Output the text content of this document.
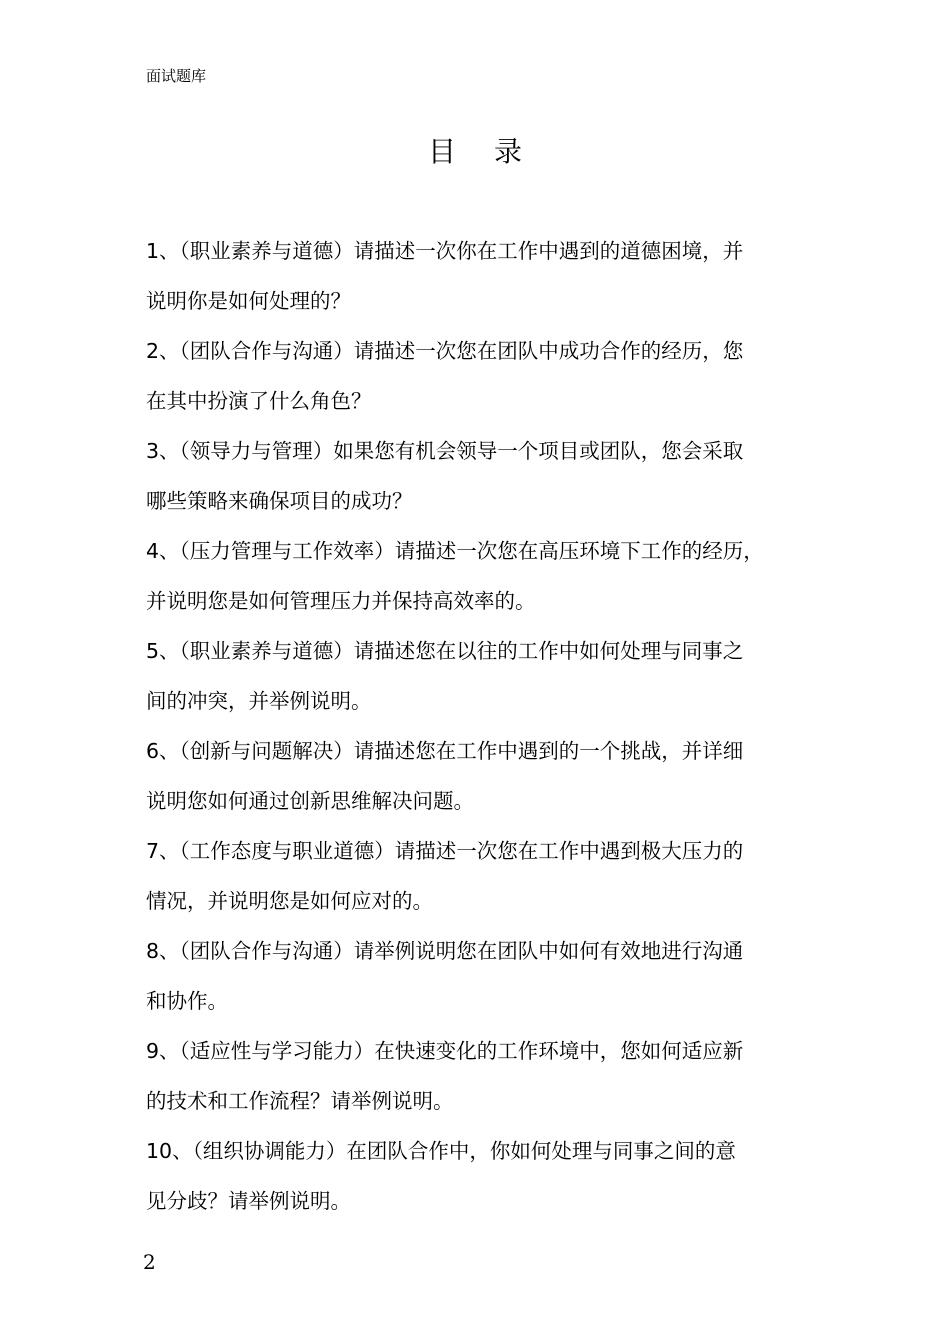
面试题库
目录
1、（职业素养与道德）请描述一次你在工作中遇到的道德困境，并
说明你是如何处理的？
2、（团队合作与沟通）请描述一次您在团队中成功合作的经历，您
在其中扮演了什么角色？
3、（领导力与管理）如果您有机会领导一个项目或团队，您会采取
哪些策略来确保项目的成功？
4、（压力管理与工作效率）请描述一次您在高压环境下工作的经历，
并说明您是如何管理压力并保持高效率的。
5、（职业素养与道德）请描述您在以往的工作中如何处理与同事之
间的冲突，并举例说明。
6、（创新与问题解决）请描述您在工作中遇到的一个挑战，并详细
说明您如何通过创新思维解决问题。
7、（工作态度与职业道德）请描述一次您在工作中遇到极大压力的
情况，并说明您是如何应对的。
8、（团队合作与沟通）请举例说明您在团队中如何有效地进行沟通
和协作。
9、（适应性与学习能力）在快速变化的工作环境中，您如何适应新
的技术和工作流程？请举例说明。
10、（组织协调能力）在团队合作中，你如何处理与同事之间的意
见分歧？请举例说明。
2
